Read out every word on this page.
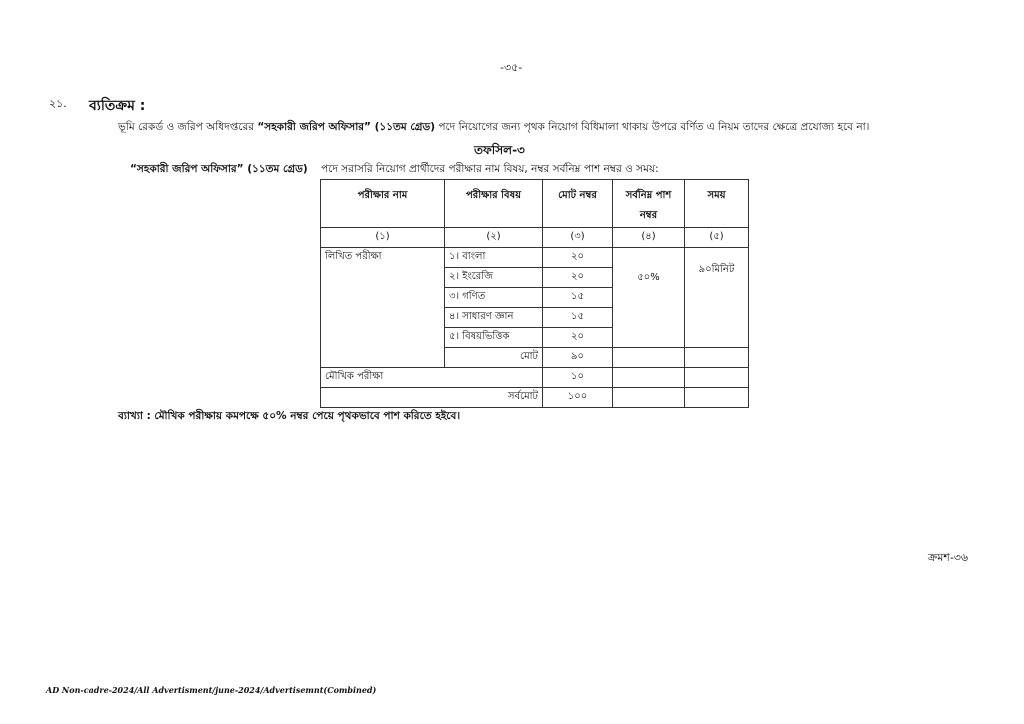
-৩৫-
২১. ব্যতিক্রম :
ভূমি রেকর্ড ও জরিপ অধিদপ্তরের “সহকারী জরিপ অফিসার” (১১তম গ্রেড) পদে নিয়োগের জন্য পৃথক নিয়োগ বিধিমালা থাকায় উপরে বর্ণিত এ নিয়ম তাদের ক্ষেত্রে প্রযোজ্য হবে না।
তফসিল-৩
“সহকারী জরিপ অফিসার” (১১তম গ্রেড) পদে সরাসরি নিয়োগ প্রার্থীদের পরীক্ষার নাম বিষয়, নম্বর সর্বনিম্ন পাশ নম্বর ও সময়:
পরীক্ষার নাম	পরীক্ষার বিষয়	মোট নম্বর	সর্বনিম্ন পাশ নম্বর	সময়
(১)	(২)	(৩)	(৪)	(৫)
লিখিত পরীক্ষা	১। বাংলা	২০	৫০%	৯০মিনিট
	২। ইংরেজি	২০		
	৩। গণিত	১৫		
	৪। সাধারণ জ্ঞান	১৫		
	৫। বিষয়ভিত্তিক	২০		
	মোট	৯০		
মৌখিক পরীক্ষা		১০		
সর্বমোট		১০০		
ব্যাখ্যা : মৌখিক পরীক্ষায় কমপক্ষে ৫০% নম্বর পেয়ে পৃথকভাবে পাশ করিতে হইবে।
ক্রমশ-৩৬
AD Non-cadre-2024/All Advertisment/june-2024/Advertisemnt(Combined)
